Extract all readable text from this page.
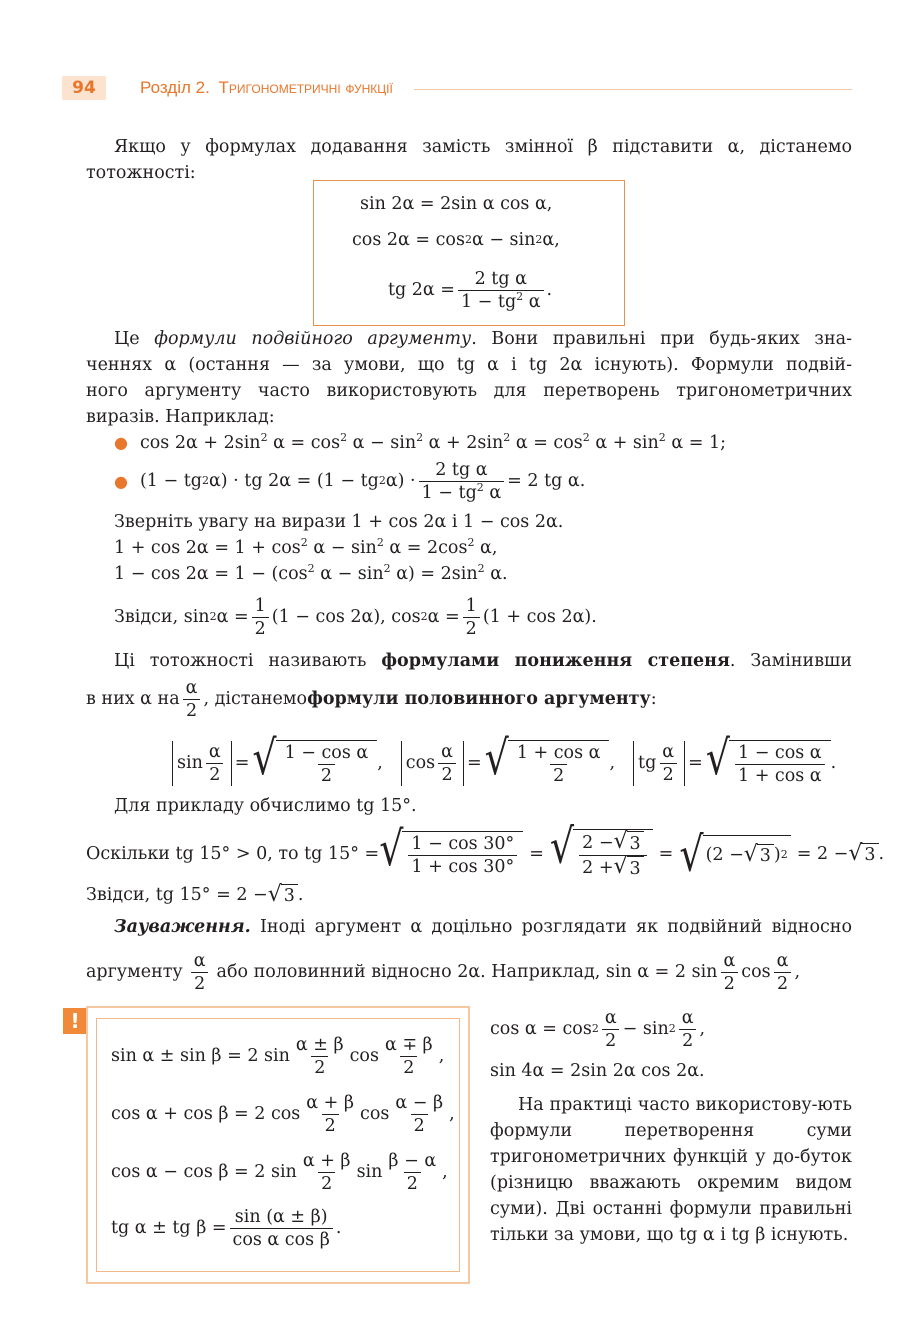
94	Розділ 2. Тригонометричні функції
Якщо у формулах додавання замість змінної β підставити α, дістанемо
тотожності:
sin 2α = 2sin α cos α,
cos 2α = cos 2 α − sin 2 α,
tg $2\alpha = \frac{\text{2 tg α}}{1 - tg^2 \alpha}$ .
Це формули подвійного аргументу. Вони правильні при будь-яких зна-
ченнях α (остання — за умови, що tg α і tg 2α існують). Формули подвій-
ного аргументу часто використовують для перетворень тригонометричних
виразів. Наприклад:
● $\cos 2\alpha + 2\sin^2$ $\alpha = \cos^2 \alpha - \sin^2 \alpha + 2\sin^2$ $\alpha = \cos^2 \alpha + \sin^2 \alpha = 1$;
● (1 − tg 2 α) · tg 2α = (1 − tg 2 $\alpha) \cdot \frac{\text{2 tg α}}{1 - tg^2 \alpha} = 2$ tg α.
Зверніть увагу на вирази 1 + cos 2α і 1 − cos 2α.
$1 + \cos 2\alpha = 1 + \cos^2 \alpha - \sin^2 \alpha = 2\cos^2$ α,
$1 - \cos 2\alpha = 1 - (\cos^2$ $\alpha - \sin^2 \alpha) = 2\sin^2$ α.
Звідси, sin 2 $\alpha = \frac{1}{2} (1 - \cos 2\alpha)$, cos 2 $\alpha = \frac{1}{2} (1 + \cos 2\alpha)$.
Ці тотожності називають формулами пониження степеня. Замінивши
в них α на $\frac{\alpha}{2}$ , дістанемо формули половинного аргументу :
$\sin \frac{\alpha}{2}$ = √ $\frac{\text{1 − cos α}}{2}$ , $\cos \frac{\alpha}{2}$ = √ $\frac{\text{1 + cos α}}{2}$ , tg $\frac{\alpha}{2}$ = √ $\frac{\text{1 − cos α}}{\text{1 + cos α}}$ .
Для прикладу обчислимо tg 15°.
Оскільки tg 15° > 0, то tg 15° = √ $\frac{1 - \cos 30^\circ}{1 + \cos 30^\circ}$ = √ $\frac{2 - √ 3}{2 + √ 3}$ = √ (2 − √ 3 ) 2 = 2 − √ 3 .
Звідси, tg 15° = 2 − √ 3 .
Зауваження. Іноді аргумент α доцільно розглядати як подвійний відносно
аргументу $\frac{\alpha}{2}$ або половинний відносно 2α. Наприклад, sin α = 2 $\sin \frac{\alpha}{2}$ $\cos \frac{\alpha}{2}$ ,
!
sin α ± sin β = 2 $\sin \frac{\alpha \pm \beta}{2}$ $\cos \frac{\alpha \mp \beta}{2}$ ,
cos α + cos β = 2 $\cos \frac{\alpha + \beta}{2}$ $\cos \frac{\alpha - \beta}{2}$ ,
cos α − cos β = 2 $\sin \frac{\alpha + \beta}{2}$ $\sin \frac{\beta - \alpha}{2}$ ,
tg α ± tg $\beta = \frac{\sin (\alpha \pm \beta)}{\text{cos α cos β}}$ .
$\cos \alpha = \cos 2 \frac{\alpha}{2} - \sin 2 \frac{\alpha}{2}$ ,
sin 4α = 2sin 2α cos 2α.
На практиці часто використову-ють формули перетворення суми тригонометричних функцій у до-буток (різницю вважають окремим видом суми). Дві останні формули правильні тільки за умови, що tg α і tg β існують.
